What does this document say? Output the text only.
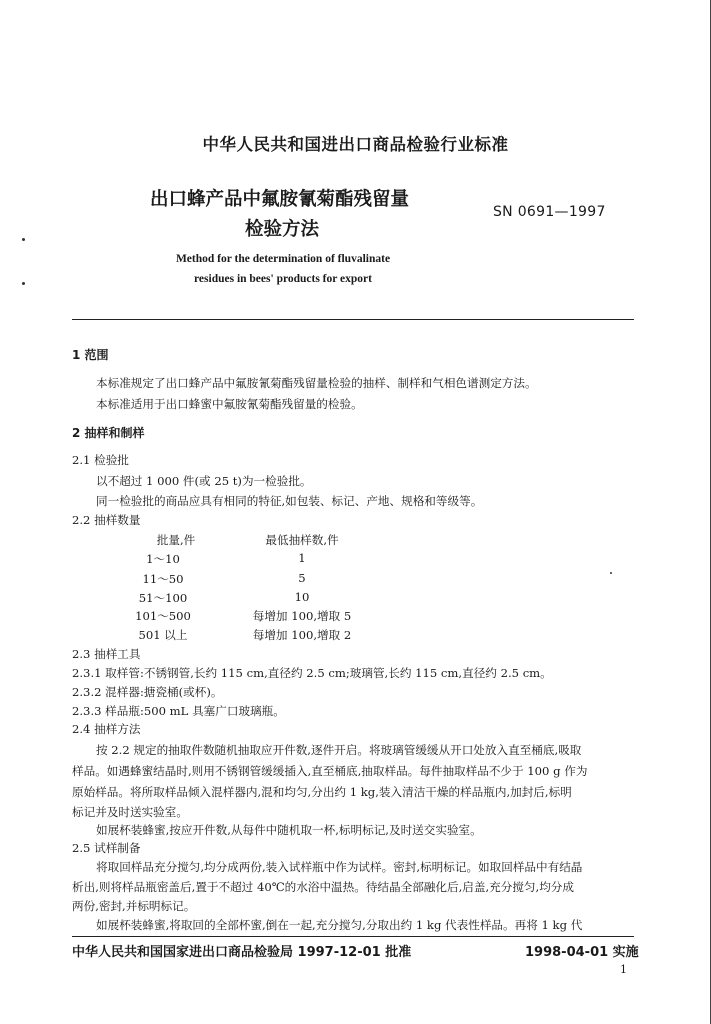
中华人民共和国进出口商品检验行业标准
出口蜂产品中氟胺氰菊酯残留量
检验方法
SN 0691—1997
Method for the determination of fluvalinate
residues in bees' products for export
1 范围
本标准规定了出口蜂产品中氟胺氰菊酯残留量检验的抽样、制样和气相色谱测定方法。
本标准适用于出口蜂蜜中氟胺氰菊酯残留量的检验。
2 抽样和制样
2.1 检验批
以不超过 1 000 件(或 25 t)为一检验批。
同一检验批的商品应具有相同的特征,如包装、标记、产地、规格和等级等。
2.2 抽样数量
批量,件	最低抽样数,件
1～10	1
11～50	5
51～100	10
101～500	每增加 100,增取 5
501 以上	每增加 100,增取 2
2.3 抽样工具
2.3.1 取样管:不锈钢管,长约 115 cm,直径约 2.5 cm;玻璃管,长约 115 cm,直径约 2.5 cm。
2.3.2 混样器:搪瓷桶(或杯)。
2.3.3 样品瓶:500 mL 具塞广口玻璃瓶。
2.4 抽样方法
按 2.2 规定的抽取件数随机抽取应开件数,逐件开启。将玻璃管缓缓从开口处放入直至桶底,吸取
样品。如遇蜂蜜结晶时,则用不锈钢管缓缓插入,直至桶底,抽取样品。每件抽取样品不少于 100 g 作为
原始样品。将所取样品倾入混样器内,混和均匀,分出约 1 kg,装入清洁干燥的样品瓶内,加封后,标明
标记并及时送实验室。
如展杯装蜂蜜,按应开件数,从每件中随机取一杯,标明标记,及时送交实验室。
2.5 试样制备
将取回样品充分搅匀,均分成两份,装入试样瓶中作为试样。密封,标明标记。如取回样品中有结晶
析出,则将样品瓶密盖后,置于不超过 40℃的水浴中温热。待结晶全部融化后,启盖,充分搅匀,均分成
两份,密封,并标明标记。
如展杯装蜂蜜,将取回的全部杯蜜,倒在一起,充分搅匀,分取出约 1 kg 代表性样品。再将 1 kg 代
中华人民共和国国家进出口商品检验局 1997-12-01 批准	1998-04-01 实施
1
